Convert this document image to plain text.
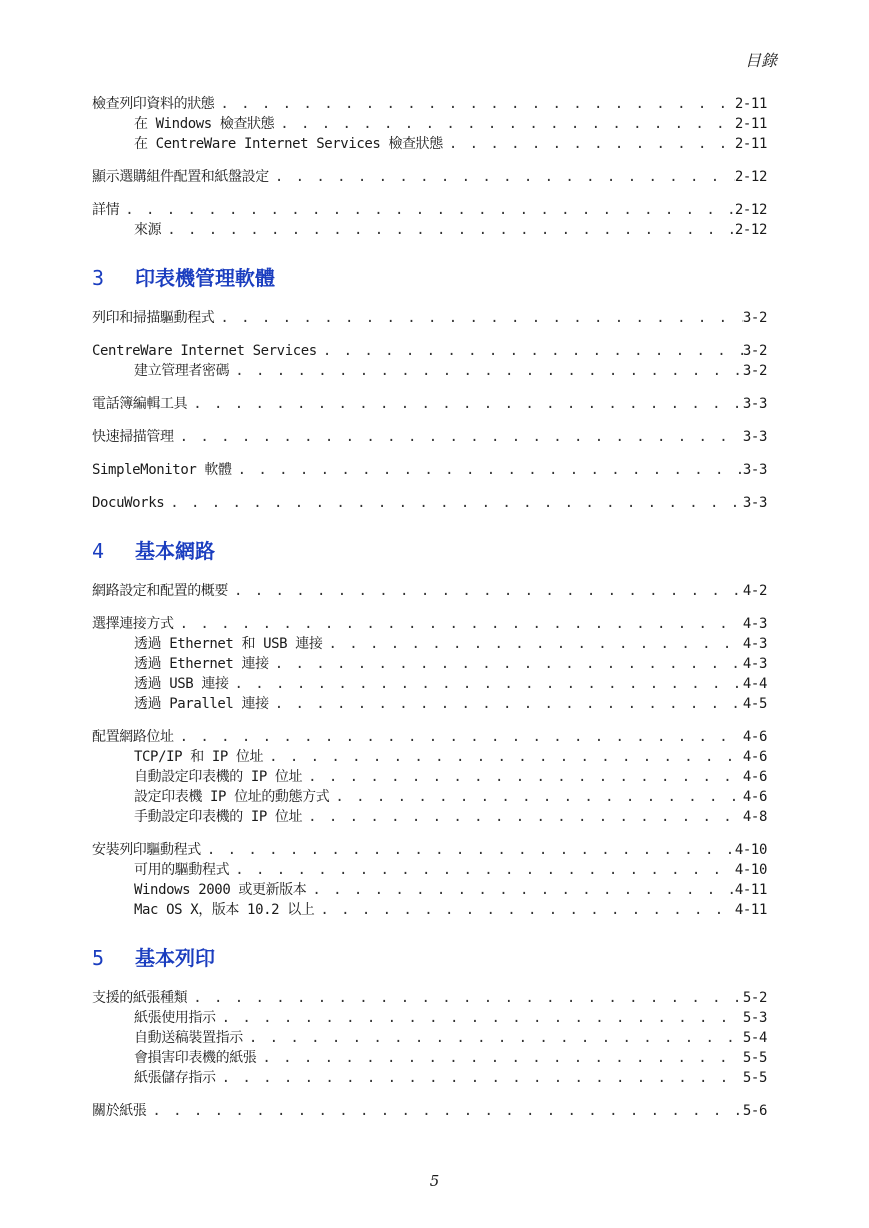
目錄
檢查列印資料的狀態 . . .	2-11
在 Windows 檢查狀態 . . .	2-11
在 CentreWare Internet Services 檢查狀態 . . .	2-11
顯示選購組件配置和紙盤設定 . . .	2-12
詳情 . . .	2-12
來源 . . .	2-12
3	印表機管理軟體
列印和掃描驅動程式 . . .	3-2
CentreWare Internet Services . . .	3-2
建立管理者密碼 . . .	3-2
電話簿編輯工具 . . .	3-3
快速掃描管理 . . .	3-3
SimpleMonitor 軟體 . . .	3-3
DocuWorks . . .	3-3
4	基本網路
網路設定和配置的概要 . . .	4-2
選擇連接方式 . . .	4-3
透過 Ethernet 和 USB 連接 . . .	4-3
透過 Ethernet 連接 . . .	4-3
透過 USB 連接 . . .	4-4
透過 Parallel 連接 . . .	4-5
配置網路位址 . . .	4-6
TCP/IP 和 IP 位址 . . .	4-6
自動設定印表機的 IP 位址 . . .	4-6
設定印表機 IP 位址的動態方式 . . .	4-6
手動設定印表機的 IP 位址 . . .	4-8
安裝列印驅動程式 . . .	4-10
可用的驅動程式 . . .	4-10
Windows 2000 或更新版本 . . .	4-11
Mac OS X，版本 10.2 以上 . . .	4-11
5	基本列印
支援的紙張種類 . . .	5-2
紙張使用指示 . . .	5-3
自動送稿裝置指示 . . .	5-4
會損害印表機的紙張 . . .	5-5
紙張儲存指示 . . .	5-5
關於紙張 . . .	5-6
5
